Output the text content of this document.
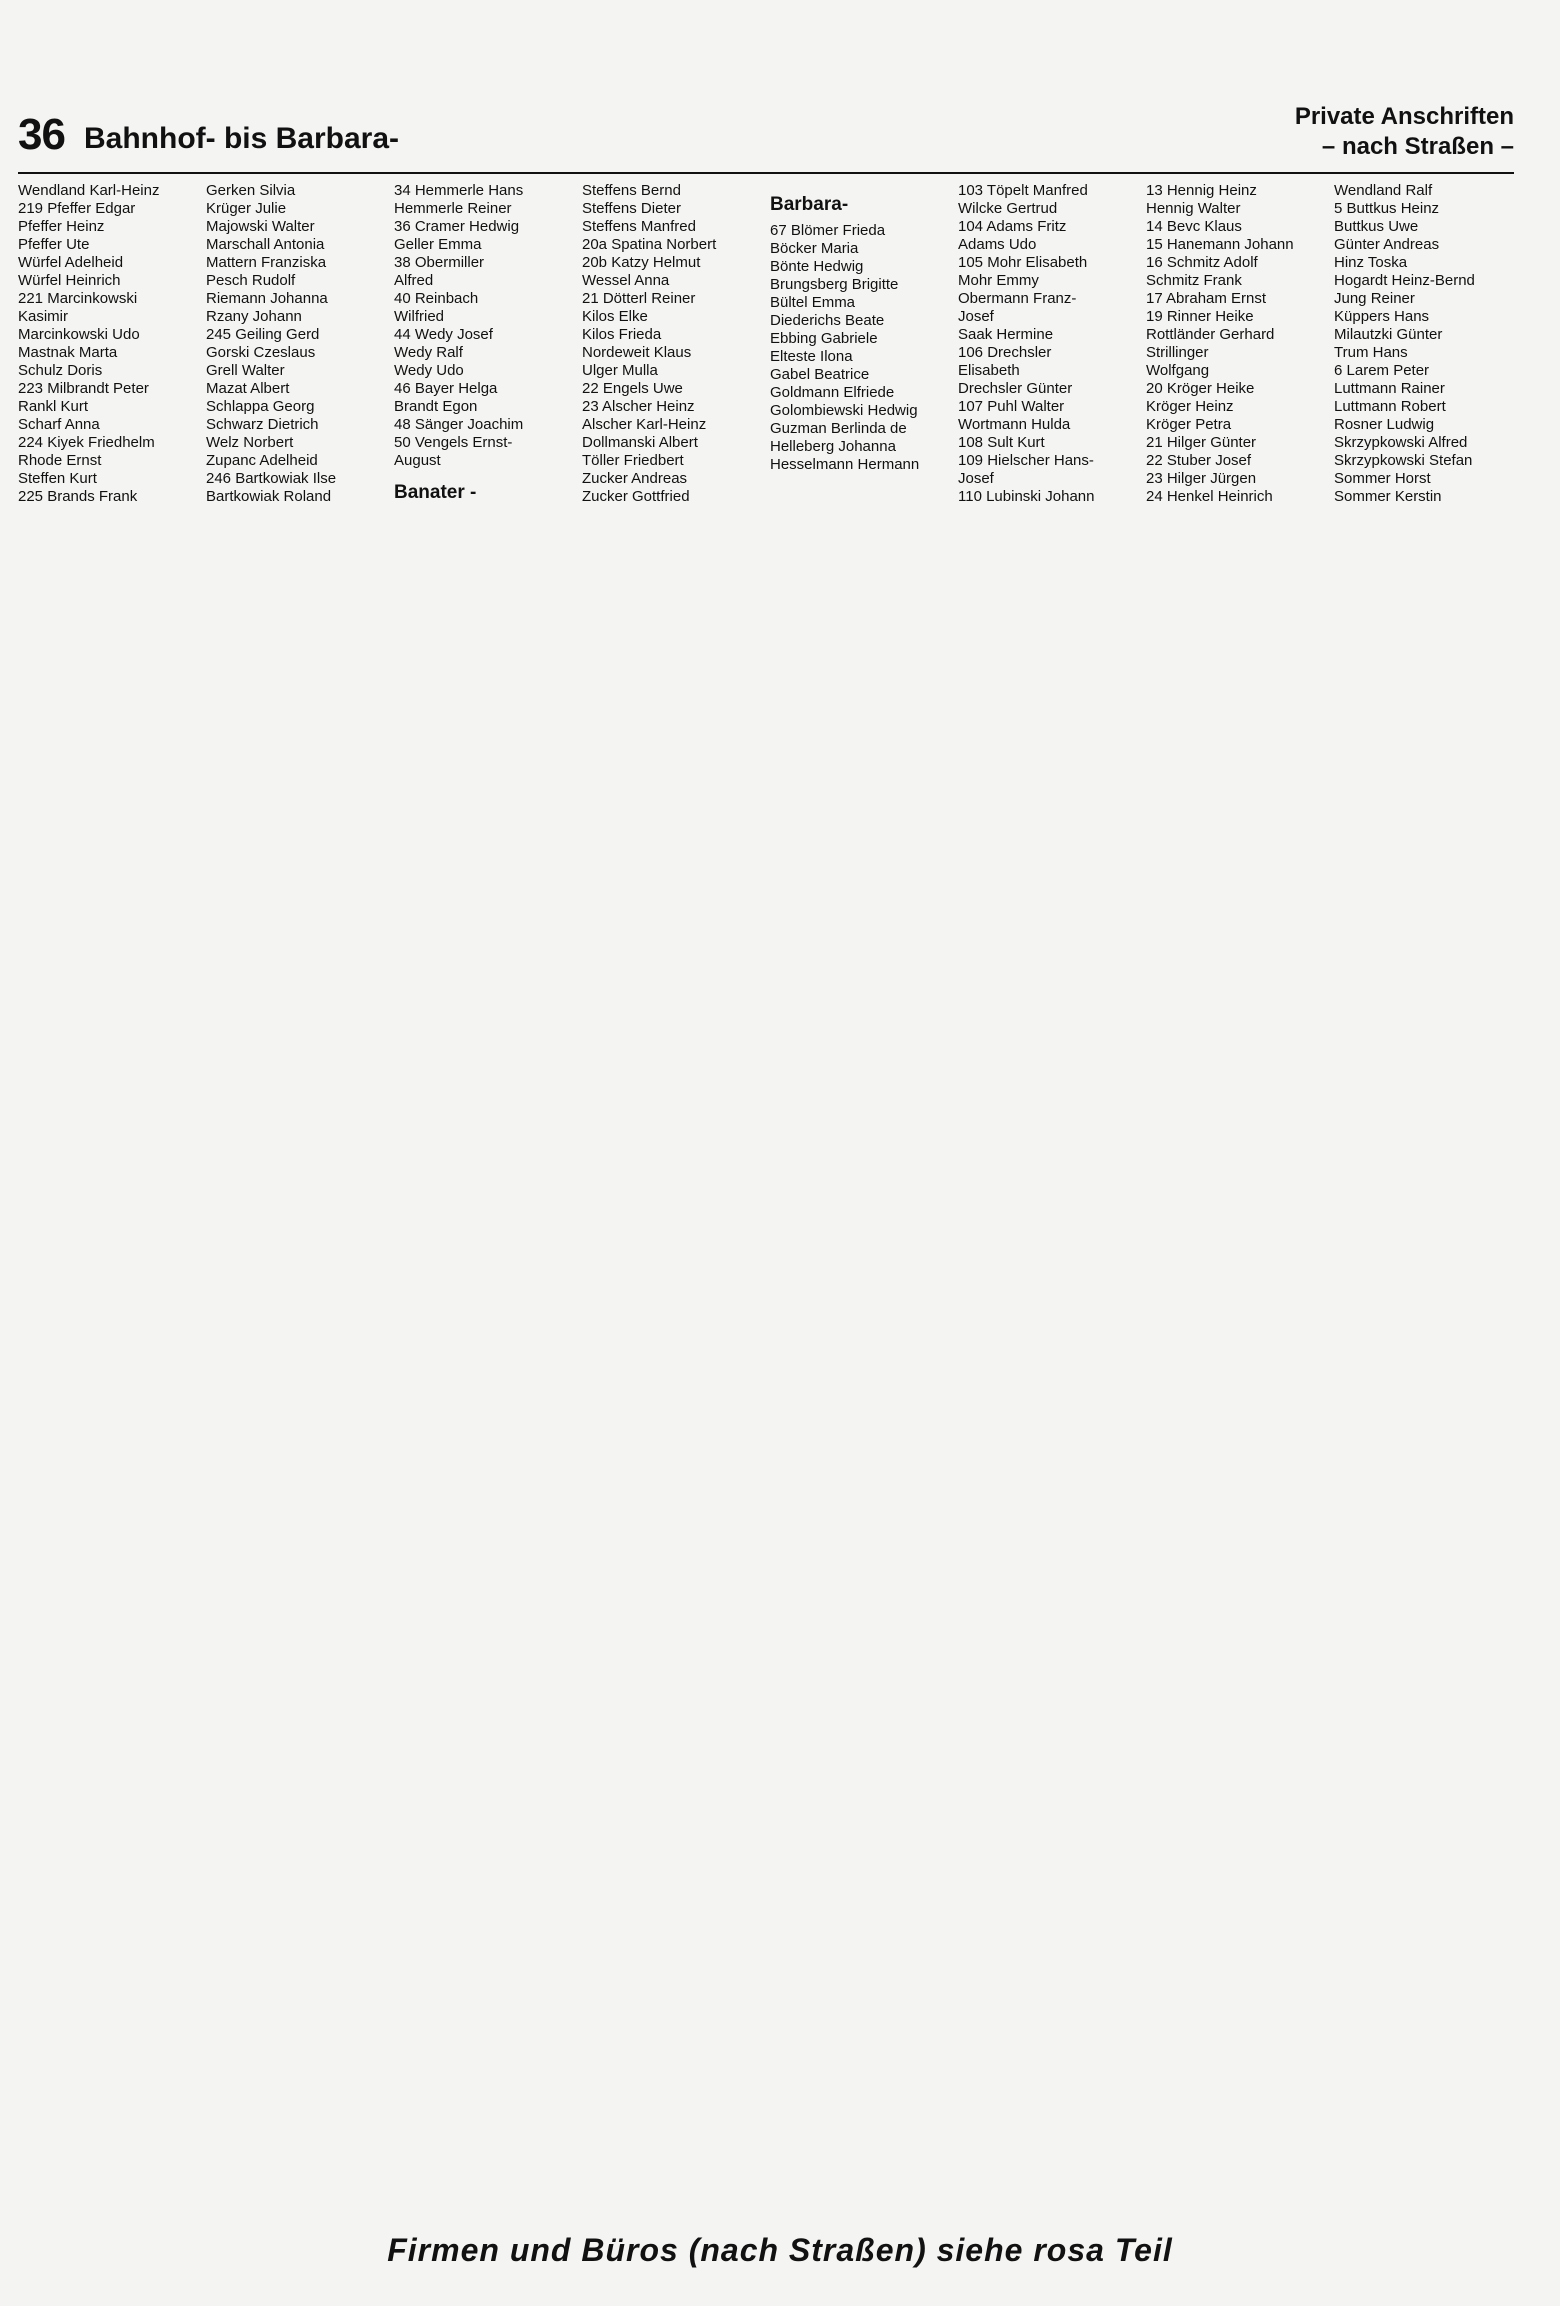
36 Bahnhof- bis Barbara-
Private Anschriften
– nach Straßen –
Wendland Karl-Heinz
219 Pfeffer Edgar
Pfeffer Heinz
Pfeffer Ute
Würfel Adelheid
Würfel Heinrich
221 Marcinkowski
Kasimir
Marcinkowski Udo
Mastnak Marta
Schulz Doris
223 Milbrandt Peter
Rankl Kurt
Scharf Anna
224 Kiyek Friedhelm
Rhode Ernst
Steffen Kurt
225 Brands Frank
Gerken Silvia
Krüger Julie
Majowski Walter
Marschall Antonia
Mattern Franziska
Pesch Rudolf
Riemann Johanna
Rzany Johann
245 Geiling Gerd
Gorski Czeslaus
Grell Walter
Mazat Albert
Schlappa Georg
Schwarz Dietrich
Welz Norbert
Zupanc Adelheid
246 Bartkowiak Ilse
Bartkowiak Roland
34 Hemmerle Hans
Hemmerle Reiner
36 Cramer Hedwig
Geller Emma
38 Obermiller
Alfred
40 Reinbach
Wilfried
44 Wedy Josef
Wedy Ralf
Wedy Udo
46 Bayer Helga
Brandt Egon
48 Sänger Joachim
50 Vengels Ernst-
August
Banater -
Steffens Bernd
Steffens Dieter
Steffens Manfred
20a Spatina Norbert
20b Katzy Helmut
Wessel Anna
21 Dötterl Reiner
Kilos Elke
Kilos Frieda
Nordeweit Klaus
Ulger Mulla
22 Engels Uwe
23 Alscher Heinz
Alscher Karl-Heinz
Dollmanski Albert
Töller Friedbert
Zucker Andreas
Zucker Gottfried
Barbara-
67 Blömer Frieda
Böcker Maria
Bönte Hedwig
Brungsberg Brigitte
Bültel Emma
Diederichs Beate
Ebbing Gabriele
Elteste Ilona
Gabel Beatrice
Goldmann Elfriede
Golombiewski Hedwig
Guzman Berlinda de
Helleberg Johanna
Hesselmann Hermann
103 Töpelt Manfred
Wilcke Gertrud
104 Adams Fritz
Adams Udo
105 Mohr Elisabeth
Mohr Emmy
Obermann Franz-
Josef
Saak Hermine
106 Drechsler
Elisabeth
Drechsler Günter
107 Puhl Walter
Wortmann Hulda
108 Sult Kurt
109 Hielscher Hans-
Josef
110 Lubinski Johann
13 Hennig Heinz
Hennig Walter
14 Bevc Klaus
15 Hanemann Johann
16 Schmitz Adolf
Schmitz Frank
17 Abraham Ernst
19 Rinner Heike
Rottländer Gerhard
Strillinger
Wolfgang
20 Kröger Heike
Kröger Heinz
Kröger Petra
21 Hilger Günter
22 Stuber Josef
23 Hilger Jürgen
24 Henkel Heinrich
Wendland Ralf
5 Buttkus Heinz
Buttkus Uwe
Günter Andreas
Hinz Toska
Hogardt Heinz-Bernd
Jung Reiner
Küppers Hans
Milautzki Günter
Trum Hans
6 Larem Peter
Luttmann Rainer
Luttmann Robert
Rosner Ludwig
Skrzypkowski Alfred
Skrzypkowski Stefan
Sommer Horst
Sommer Kerstin
Firmen und Büros (nach Straßen) siehe rosa Teil
